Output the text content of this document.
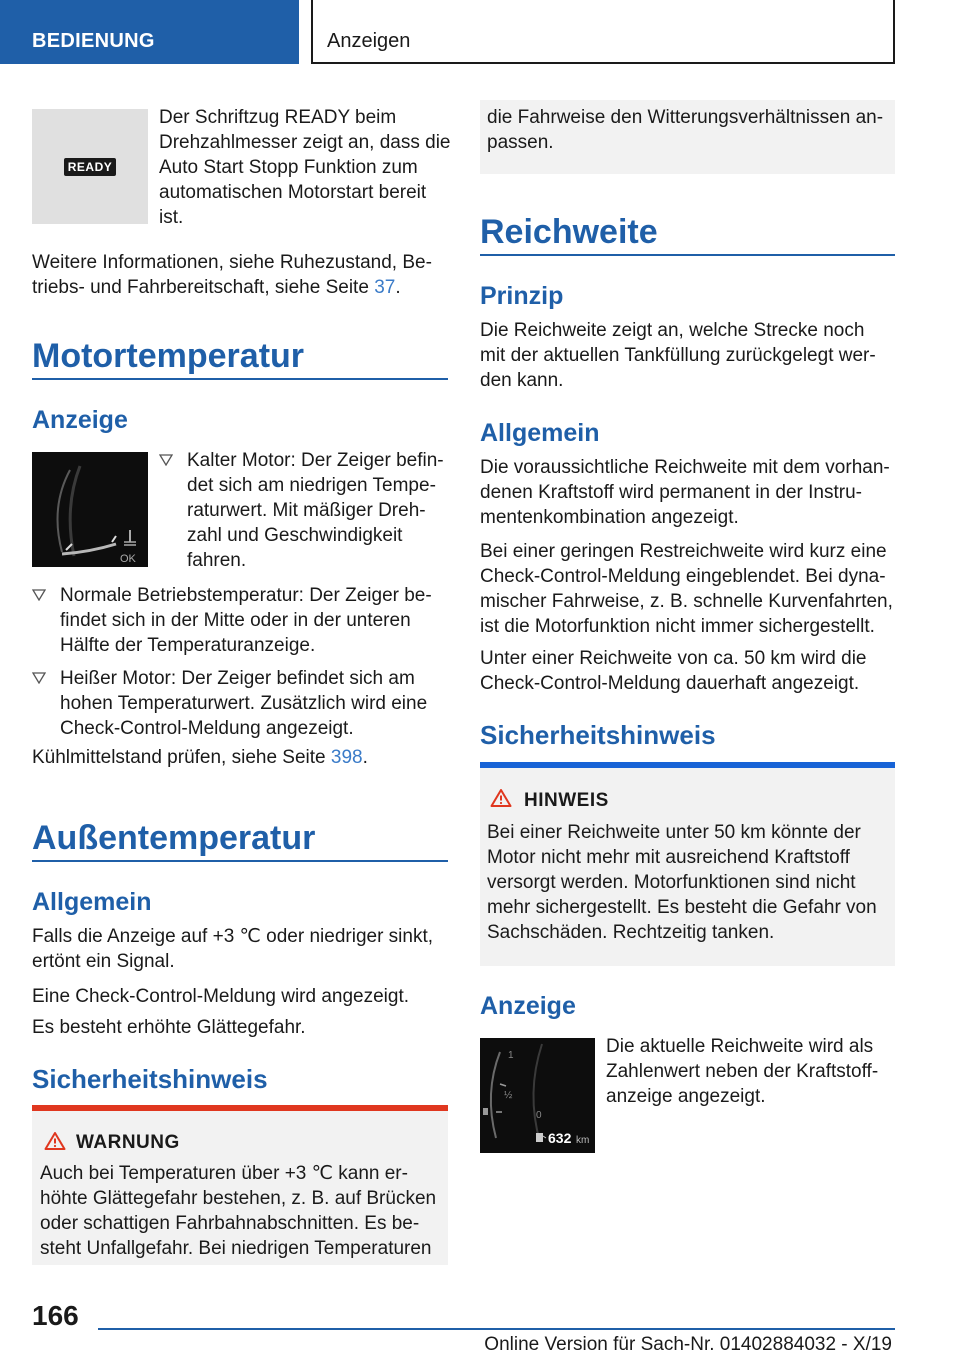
BEDIENUNG	Anzeigen
READY

Der Schriftzug READY beim Drehzahlmesser zeigt an, dass die Auto Start Stopp Funktion zum automatischen Motorstart bereit ist.

Weitere Informationen, siehe Ruhezustand, Betriebs- und Fahrbereitschaft, siehe Seite 37.

Motortemperatur
Anzeige
OK
Kalter Motor: Der Zeiger befindet sich am niedrigen Temperaturwert. Mit mäßiger Drehzahl und Geschwindigkeit fahren.
Normale Betriebstemperatur: Der Zeiger befindet sich in der Mitte oder in der unteren Hälfte der Temperaturanzeige.
Heißer Motor: Der Zeiger befindet sich am hohen Temperaturwert. Zusätzlich wird eine Check-Control-Meldung angezeigt.

Kühlmittelstand prüfen, siehe Seite 398.

Außentemperatur
Allgemein

Falls die Anzeige auf +3 ℃ oder niedriger sinkt, ertönt ein Signal.

Eine Check-Control-Meldung wird angezeigt.

Es besteht erhöhte Glättegefahr.

Sicherheitshinweis
WARNUNG

Auch bei Temperaturen über +3 ℃ kann erhöhte Glättegefahr bestehen, z. B. auf Brücken oder schattigen Fahrbahnabschnitten. Es besteht Unfallgefahr. Bei niedrigen Temperaturen

die Fahrweise den Witterungsverhältnissen anpassen.

Reichweite
Prinzip

Die Reichweite zeigt an, welche Strecke noch mit der aktuellen Tankfüllung zurückgelegt werden kann.

Allgemein

Die voraussichtliche Reichweite mit dem vorhandenen Kraftstoff wird permanent in der Instrumentenkombination angezeigt.

Bei einer geringen Restreichweite wird kurz eine Check-Control-Meldung eingeblendet. Bei dynamischer Fahrweise, z. B. schnelle Kurvenfahrten, ist die Motorfunktion nicht immer sichergestellt.

Unter einer Reichweite von ca. 50 km wird die Check-Control-Meldung dauerhaft angezeigt.

Sicherheitshinweis
HINWEIS

Bei einer Reichweite unter 50 km könnte der Motor nicht mehr mit ausreichend Kraftstoff versorgt werden. Motorfunktionen sind nicht mehr sichergestellt. Es besteht die Gefahr von Sachschäden. Rechtzeitig tanken.

Anzeige
1
½
0
632 km

Die aktuelle Reichweite wird als Zahlenwert neben der Kraftstoffanzeige angezeigt.

166
Online Version für Sach-Nr. 01402884032 - X/19
